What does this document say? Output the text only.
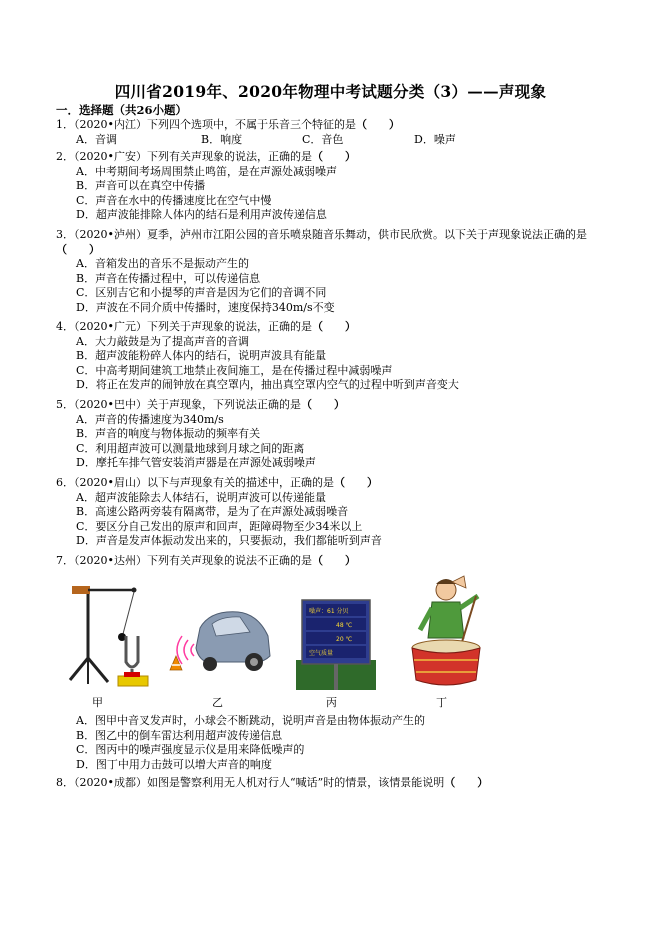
四川省2019年、2020年物理中考试题分类（3）——声现象
一．选择题（共26小题）
1．（2020•内江）下列四个选项中，不属于乐音三个特征的是（　　）
A．音调	B．响度	C．音色	D．噪声
2．（2020•广安）下列有关声现象的说法，正确的是（　　）
A．中考期间考场周围禁止鸣笛，是在声源处减弱噪声
B．声音可以在真空中传播
C．声音在水中的传播速度比在空气中慢
D．超声波能排除人体内的结石是利用声波传递信息
3．（2020•泸州）夏季，泸州市江阳公园的音乐喷泉随音乐舞动，供市民欣赏。以下关于声现象说法正确的是（　　）
A．音箱发出的音乐不是振动产生的
B．声音在传播过程中，可以传递信息
C．区别吉它和小提琴的声音是因为它们的音调不同
D．声波在不同介质中传播时，速度保持340m/s不变
4．（2020•广元）下列关于声现象的说法，正确的是（　　）
A．大力敲鼓是为了提高声音的音调
B．超声波能粉碎人体内的结石，说明声波具有能量
C．中高考期间建筑工地禁止夜间施工，是在传播过程中减弱噪声
D．将正在发声的闹钟放在真空罩内，抽出真空罩内空气的过程中听到声音变大
5．（2020•巴中）关于声现象，下列说法正确的是（　　）
A．声音的传播速度为340m/s
B．声音的响度与物体振动的频率有关
C．利用超声波可以测量地球到月球之间的距离
D．摩托车排气管安装消声器是在声源处减弱噪声
6．（2020•眉山）以下与声现象有关的描述中，正确的是（　　）
A．超声波能除去人体结石，说明声波可以传递能量
B．高速公路两旁装有隔离带，是为了在声源处减弱噪音
C．要区分自己发出的原声和回声，距障碍物至少34米以上
D．声音是发声体振动发出来的，只要振动，我们都能听到声音
7．（2020•达州）下列有关声现象的说法不正确的是（　　）
甲	乙
噪声：61 分贝
48 ℃
20 ℃
空气质量
丙	丁
A．图甲中音叉发声时，小球会不断跳动，说明声音是由物体振动产生的
B．图乙中的倒车雷达利用超声波传递信息
C．图丙中的噪声强度显示仪是用来降低噪声的
D．图丁中用力击鼓可以增大声音的响度
8．（2020•成都）如图是警察利用无人机对行人“喊话”时的情景，该情景能说明（　　）
